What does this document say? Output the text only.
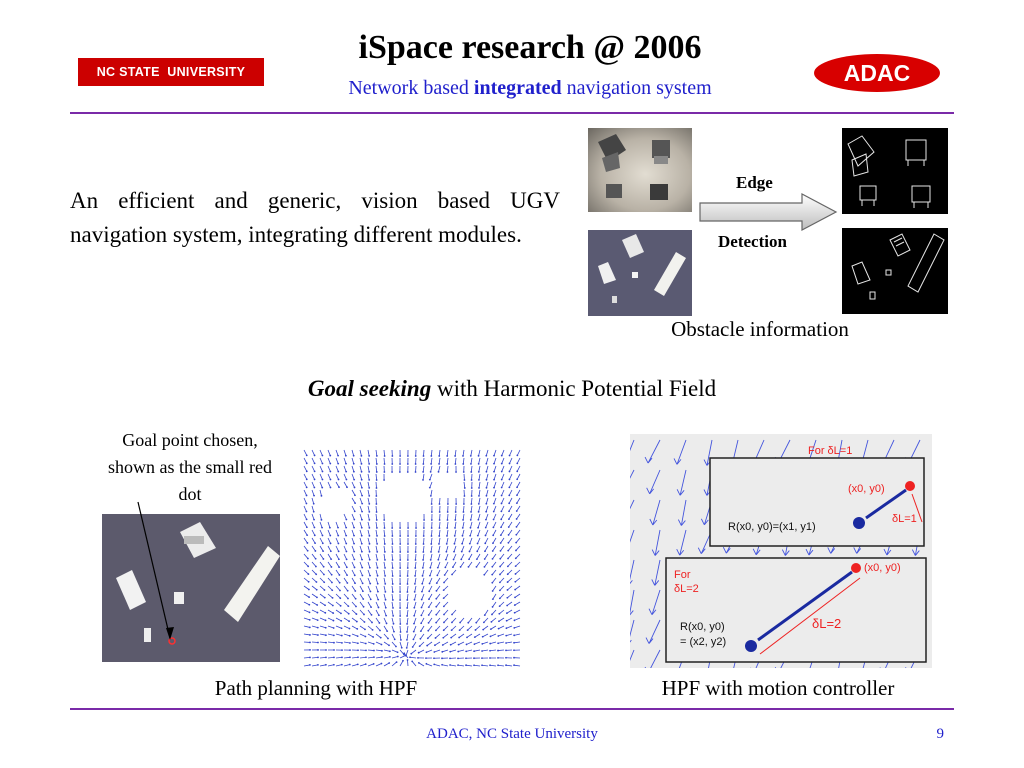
NC STATE  UNIVERSITY	ADAC
iSpace research @ 2006
Network based integrated navigation system
An efficient and generic, vision based UGV navigation system, integrating different modules.
Edge
Detection
Obstacle information
Goal seeking with Harmonic Potential Field
Goal point chosen, shown as the small red dot
Path planning with HPF
For δL=1
(x0, y0)
R(x0, y0)=(x1, y1)
δL=1
For
δL=2
(x0, y0)
R(x0, y0)
= (x2, y2)
δL=2
HPF with motion controller
ADAC, NC State University	9
